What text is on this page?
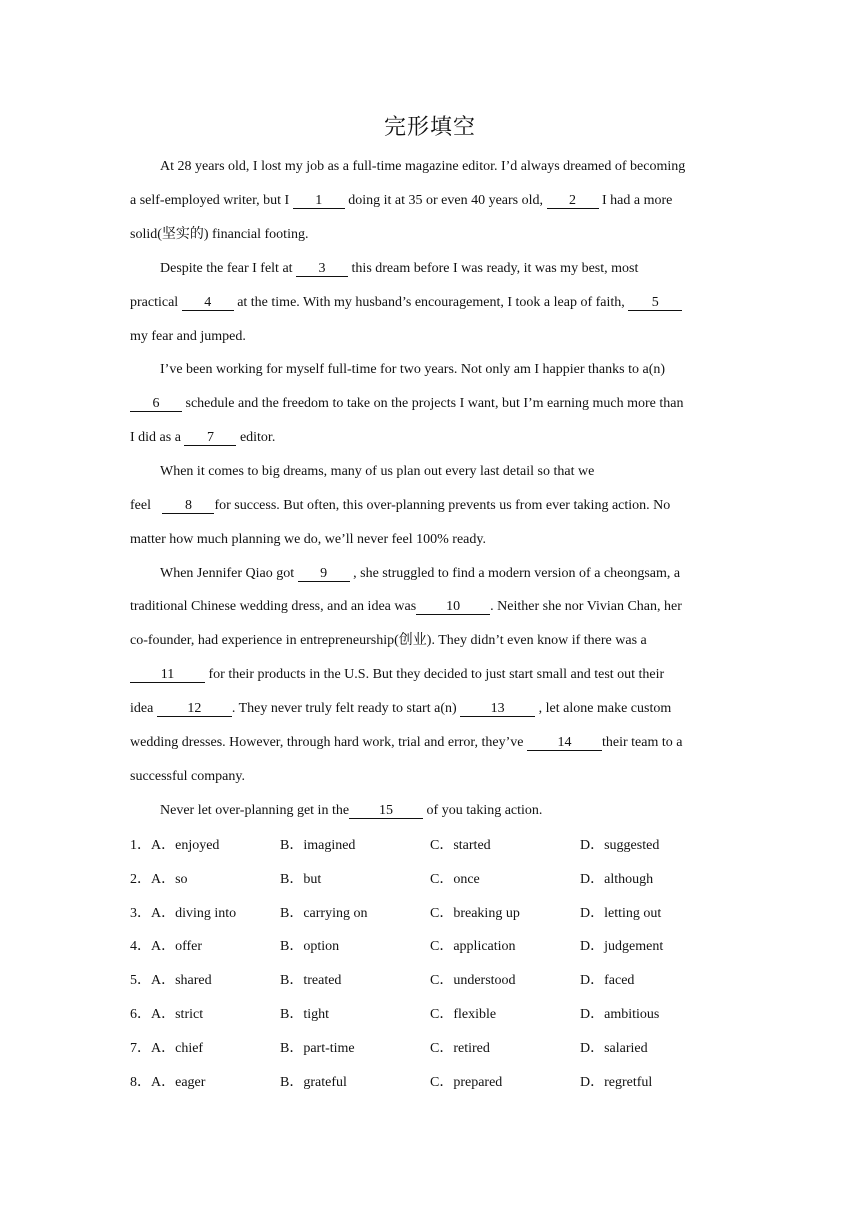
完形填空
At 28 years old, I lost my job as a full-time magazine editor. I’d always dreamed of becoming
a self-employed writer, but I 1 doing it at 35 or even 40 years old, 2 I had a more
solid(坚实的) financial footing.
Despite the fear I felt at 3 this dream before I was ready, it was my best, most
practical 4 at the time. With my husband’s encouragement, I took a leap of faith, 5
my fear and jumped.
I’ve been working for myself full-time for two years. Not only am I happier thanks to a(n)
6 schedule and the freedom to take on the projects I want, but I’m earning much more than
I did as a 7 editor.
When it comes to big dreams, many of us plan out every last detail so that we
feel 8 for success. But often, this over-planning prevents us from ever taking action. No
matter how much planning we do, we’ll never feel 100% ready.
When Jennifer Qiao got 9 , she struggled to find a modern version of a cheongsam, a
traditional Chinese wedding dress, and an idea was 10 . Neither she nor Vivian Chan, her
co-founder, had experience in entrepreneurship(创业). They didn’t even know if there was a
11 for their products in the U.S. But they decided to just start small and test out their
idea 12 . They never truly felt ready to start a(n) 13 , let alone make custom
wedding dresses. However, through hard work, trial and error, they’ve 14 their team to a
successful company.
Never let over-planning get in the 15 of you taking action.
1．A．enjoyed	B．imagined	C．started	D．suggested
2．A．so	B．but	C．once	D．although
3．A．diving into	B．carrying on	C．breaking up	D．letting out
4．A．offer	B．option	C．application	D．judgement
5．A．shared	B．treated	C．understood	D．faced
6．A．strict	B．tight	C．flexible	D．ambitious
7．A．chief	B．part-time	C．retired	D．salaried
8．A．eager	B．grateful	C．prepared	D．regretful
